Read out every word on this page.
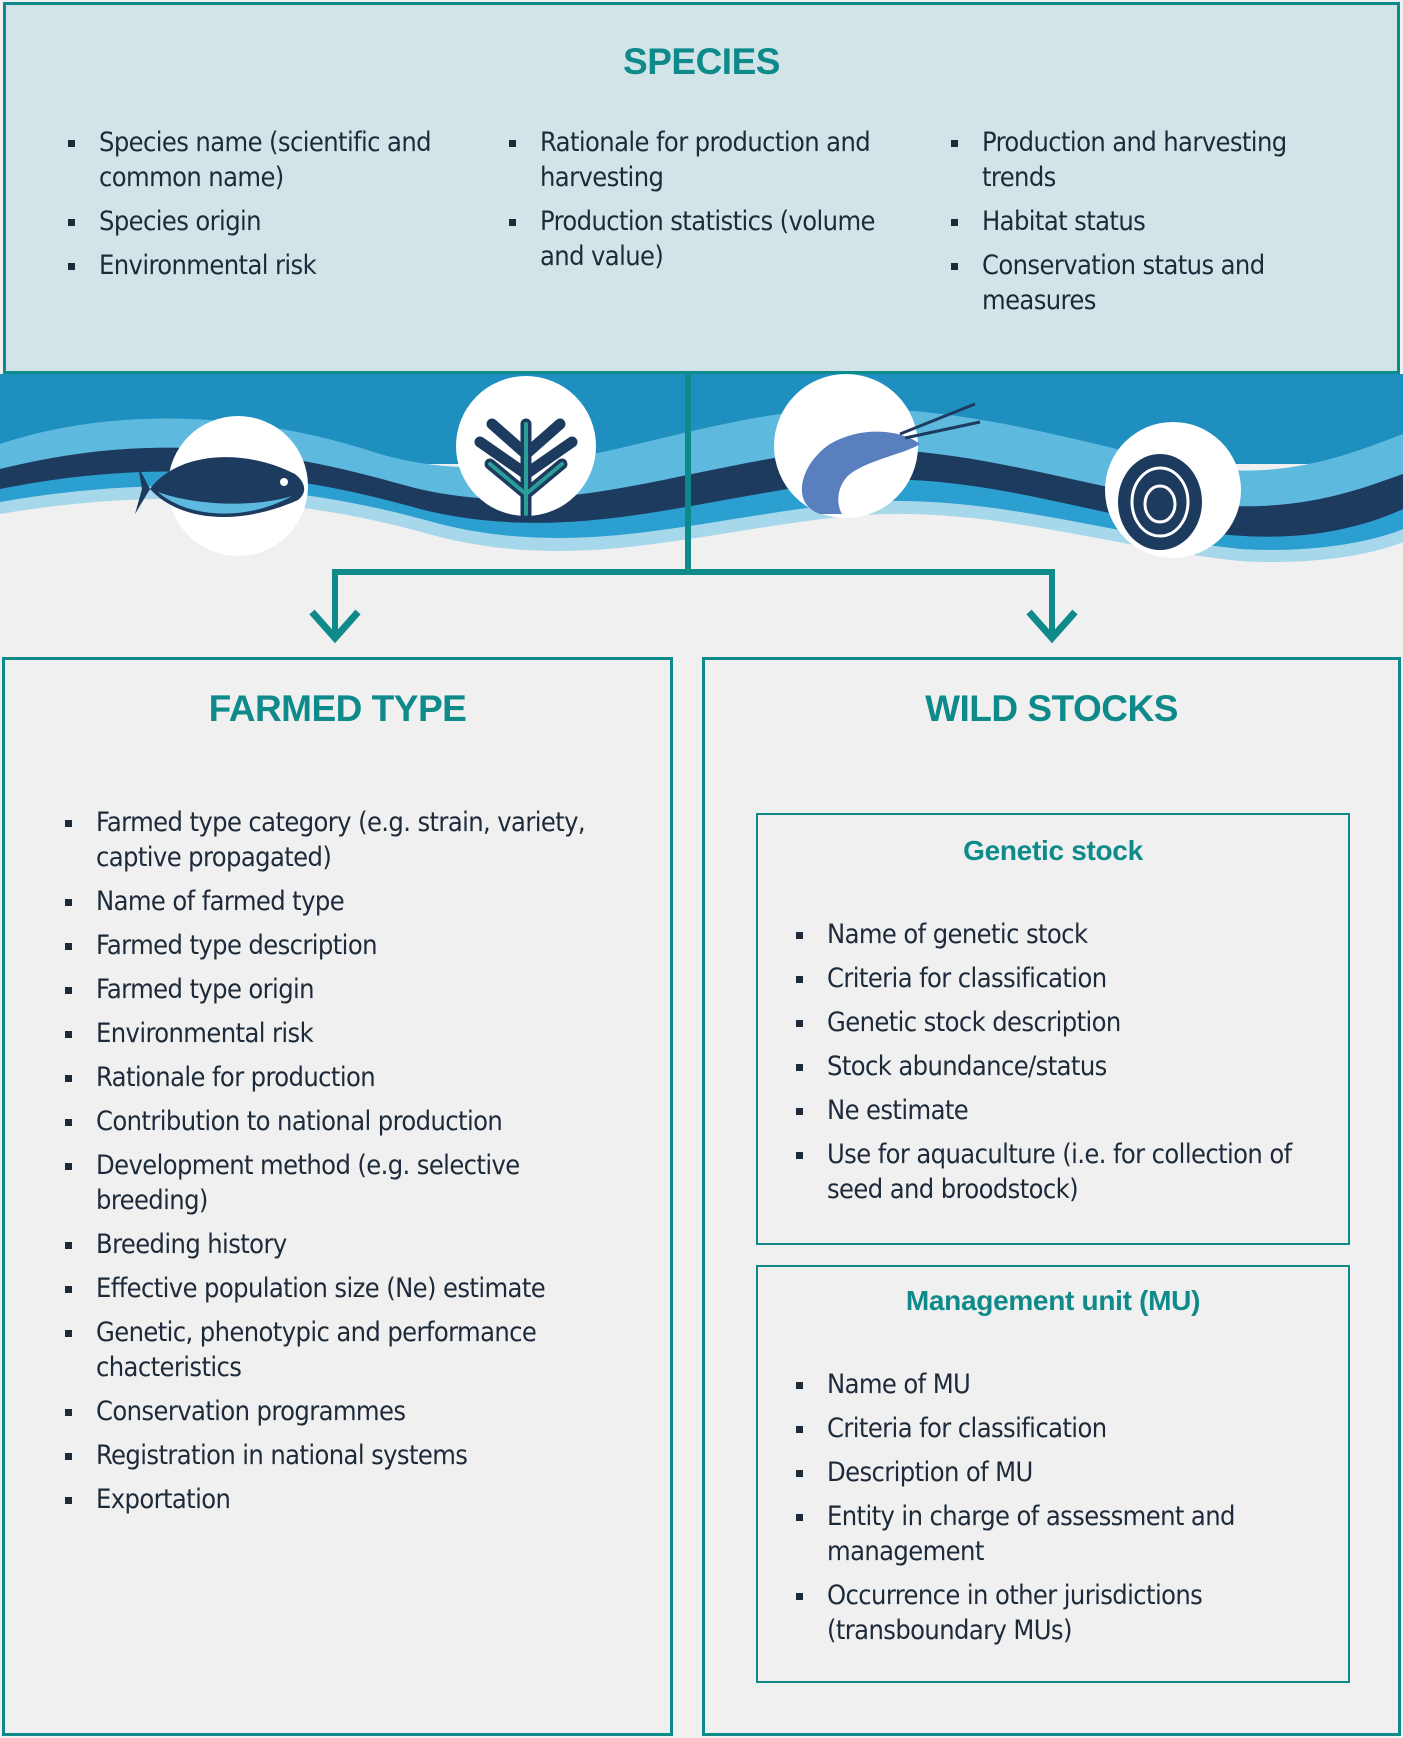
SPECIES
Species name (scientific and common name)
Species origin
Environmental risk
Rationale for production and harvesting
Production statistics (volume and value)
Production and harvesting trends
Habitat status
Conservation status and measures
FARMED TYPE
Farmed type category (e.g. strain, variety, captive propagated)
Name of farmed type
Farmed type description
Farmed type origin
Environmental risk
Rationale for production
Contribution to national production
Development method (e.g. selective breeding)
Breeding history
Effective population size (Ne) estimate
Genetic, phenotypic and performance chacteristics
Conservation programmes
Registration in national systems
Exportation
WILD STOCKS
Genetic stock
Name of genetic stock
Criteria for classification
Genetic stock description
Stock abundance/status
Ne estimate
Use for aquaculture (i.e. for collection of seed and broodstock)
Management unit (MU)
Name of MU
Criteria for classification
Description of MU
Entity in charge of assessment and management
Occurrence in other jurisdictions (transboundary MUs)
